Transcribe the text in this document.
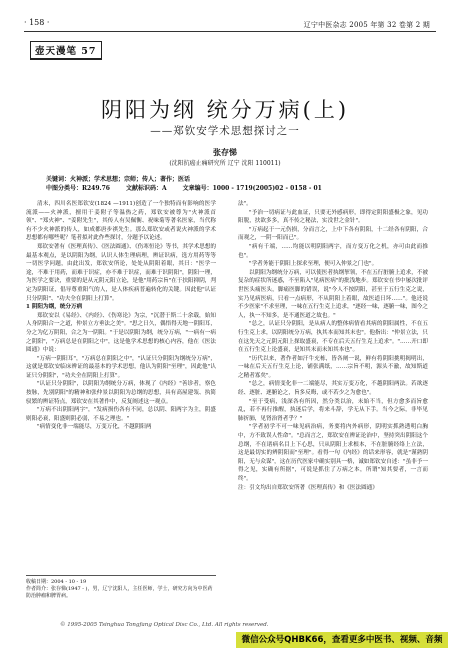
· 158 ·	辽宁中医杂志 2005 年第 32 卷第 2 期
壶天漫笔 57
阴阳为纲 统分万病(上)
——郑钦安学术思想探讨之一
张存悌
(沈阳抗癌止痛研究所 辽宁 沈阳 110011)
关键词：火神派；学术思想；宗师；传人；著作；医话
中图分类号：R249.76	文献标识码：A	文章编号：1000 - 1719(2005)02 - 0158 - 01

清末，四川名医郑钦安(1824 —1911)创造了一个独特而有影响的医学流派——火神派，擅用干姜附子等温热之药，郑钦安被尊为"火神派首领"、"郑火神"、"姜附先生"，其传人有吴佩衡、祝味菊等著名医家，当代称有不少火神派的传人，如成都唐步祺先生。那么郑钦安或者说火神派的学术思想都有哪些呢？笔者拟对此作些探讨，分题予以论述。

郑钦安著有《医理真传》、《医法圆通》、《伤寒恒论》等书，其学术思想的最基本观点，是以阴阳为纲，认识人体生理病理，辨证识病，选方用药等等一切医学问题，由此出发，郑钦安所论，处处从阴阳着眼，其曰："医学一途，不难于用药，而难于识症，亦不难于识症，而难于识阴阳"，阴阳一理，为医学之要诀，重要的是从元阴元阳立论，是他"用药宗旨"在于扶阳抑阴，判定为阴阳证，倡导尊重阳气的人，是人体疾病普遍转化的关键。因此他"认证只分阴阳"、"功夫全在阴阳上打算"。

1 阴阳为纲，统分万病

郑钦安以《易经》、《内经》、《伤寒论》为宗，"沉潜于斯二十余载，始知人身阴阳合一之道，仲景立方垂法之美"。"思之日久，偶悟得天地一阴阳耳，分之为亿万阴阳，合之为一阴阳。"于是以阴阳为纲，统分万病，"一病有一病之阴阳"，"万病总是在阴阳之中"，这是他学术思想的核心内容，他在《医法圆通》中说：

"万病一阴阳耳"，"万病总在阴阳之中"，"认证只分阴阳为纲统分万病"，这就是郑钦安临床辨证的最基本的学术思想，他认为阴阳"至理"，因此他"认证只分阴阳"，"功夫全在阴阳上打算"。

"认证只分阴阳"，以阴阳为纲统分万病，体现了《内经》"善诊者，察色按脉，先别阴阳"的精神和张仲景以阴阳为总纲的思想，具有高屋建瓴、执简驭繁的辨证特点，郑钦安在其著作中，反复阐述这一观点。

"万病不出阴阳两字"，"发病损伤各有不同，总以阴、阳两字为主，阴盛则阳必衰，阳盛则阴必弱，不易之理也。"

"病情变化非一端能尽，万变万化，不越阴阳两

法"。

"予治一切病证与此血证，只要无外感病形，即得定阴阳盛极之象，见功阳脱，扶欲多多，真不传之秘法，实没世之金针"。

"万病起于一元伤损，分而言之，上中下各有阴阳，十二经各有阴阳，合而观之，一阴一阳而已"。

"病有千端，……均能以明阴阳两字，而方变万化之机，亦可由此而推也"。

"学者务能于阴阳上探求至理，便可入仲景之门也"。

以阴阳为纲统分万病，可以使医者执纲挈领，不在五行脏腑上追求，不被复杂的症状所迷惑，不至陷入"见病医病"的批浅地步。郑钦安在书中屡次批评世医头痛医头，脚痛医脚的错误，说"今人不按阴阳，甚至于五行生克之说，实乃见病医病，只看一点病形，不从阴阳上着眼，故医道日坏……"。他还说不少医家"不求至理，一味在五行生克上追求，"逐经一味，逐腑一味，图今之人，执一不知多，是不通医道之故也。"

"总之，认证只分阴阳，是从病人的整体病情看其病的阴阳属性，不在五行生克上求，以阴阳统分万病，执其本而知其末也"。他指出："仲景立法，只在这先天之元阴元阳上探取盛衰，不专在后天五行生克上追求"。"……开口即在五行生克上论盛衰，是知其末而未知其本也"。

"历代以来，著作者如汗牛充栋，皆各阐一说，鲜有将阴阳挑明揭明出，一味在后天五行生克上论，铺张满纸，……宗旨不明，源头不澈，故知斯道之精者寡矣"。

"总之，病情变化非一二端能尽，其实万变万化，不越阴阳两法。若欲逐经、逐脏、逐腑论之，旨多反晦，或不若少之为愈也"。

"至于受病，浅深各有所因，然分类以治，未始不当，但方愈多而旨愈乱，若不再行推醒，执迷后学，将来斗辞，学无从下手。当今之际，非毕见肺折肺，见肾治肾者乎？"

"学者初学不可一味见病治病，务要将内外病形，阴明实抓熟透明白胸中，方不致误人性命"。"总而言之，郑钦安在辨证论治中，坚持突出阴阳这个总纲，不在诸病名目上下心思，只从阴阳上求根本，不在脏腑经络上立法，这是最切实的辨阴阳而"至理"。看得一句《内经》的话来形容，就是"谨熟阴阳，无与众谋"，这在历代医家中确实别具一格，诚如郑钦安自述："虽非予一得之见，实确有所据"，可说是抓住了万病之本，所谓"知其要者，一言而终"。

注：引文均出自郑钦安所著《医理真传》和《医法圆通》

收稿日期：2004 - 10 - 19
作者简介：张存悌(1947 - )，男，辽宁沈阳人，主任医师，学士，研究方向为中医药防治肿瘤和脾胃病。
© 1995-2005 Tsinghua Tongfang Optical Disc Co., Ltd. All rights reserved.
微信公众号QHBK66，查看更多中医书、视频、音频
